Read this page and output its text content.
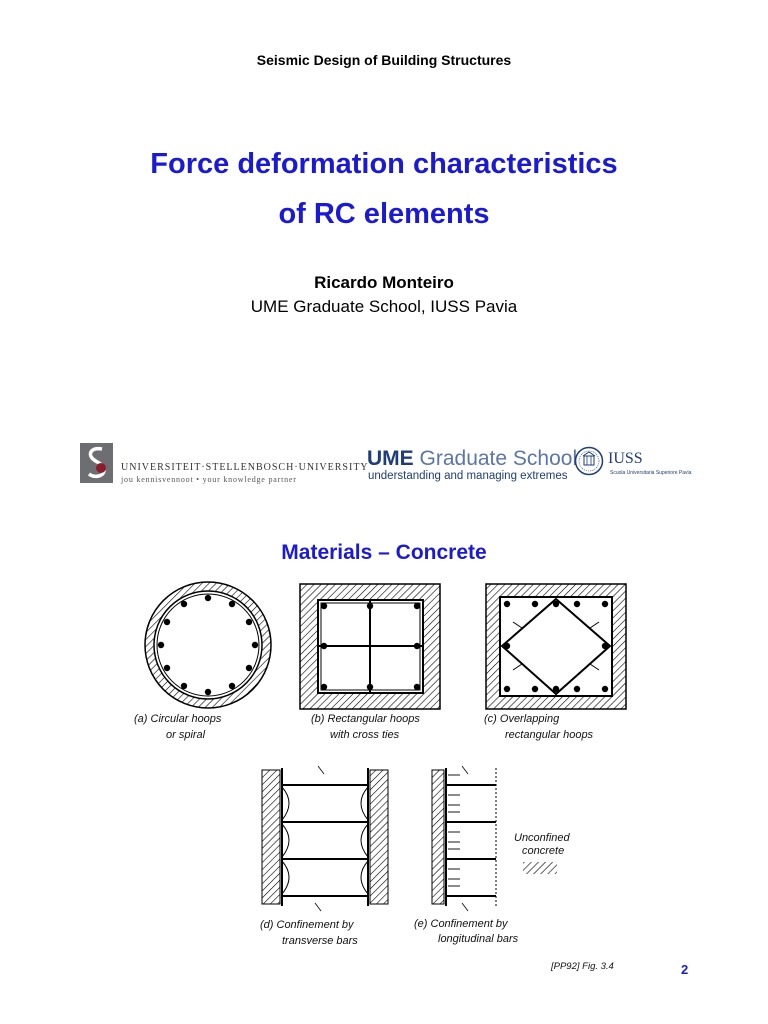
Seismic Design of Building Structures
Force deformation characteristics
of RC elements
Ricardo Monteiro
UME Graduate School, IUSS Pavia
UNIVERSITEIT·STELLENBOSCH·UNIVERSITY
jou kennisvennoot • your knowledge partner
UME Graduate School
understanding and managing extremes
IUSS
Scuola Universitaria Superiore Pavia
Materials – Concrete
(a) Circular hoops
or spiral
(b) Rectangular hoops
with cross ties
(c) Overlapping
rectangular hoops
(d) Confinement by
transverse bars
(e) Confinement by
longitudinal bars
Unconfined
concrete
[PP92] Fig. 3.4	2
